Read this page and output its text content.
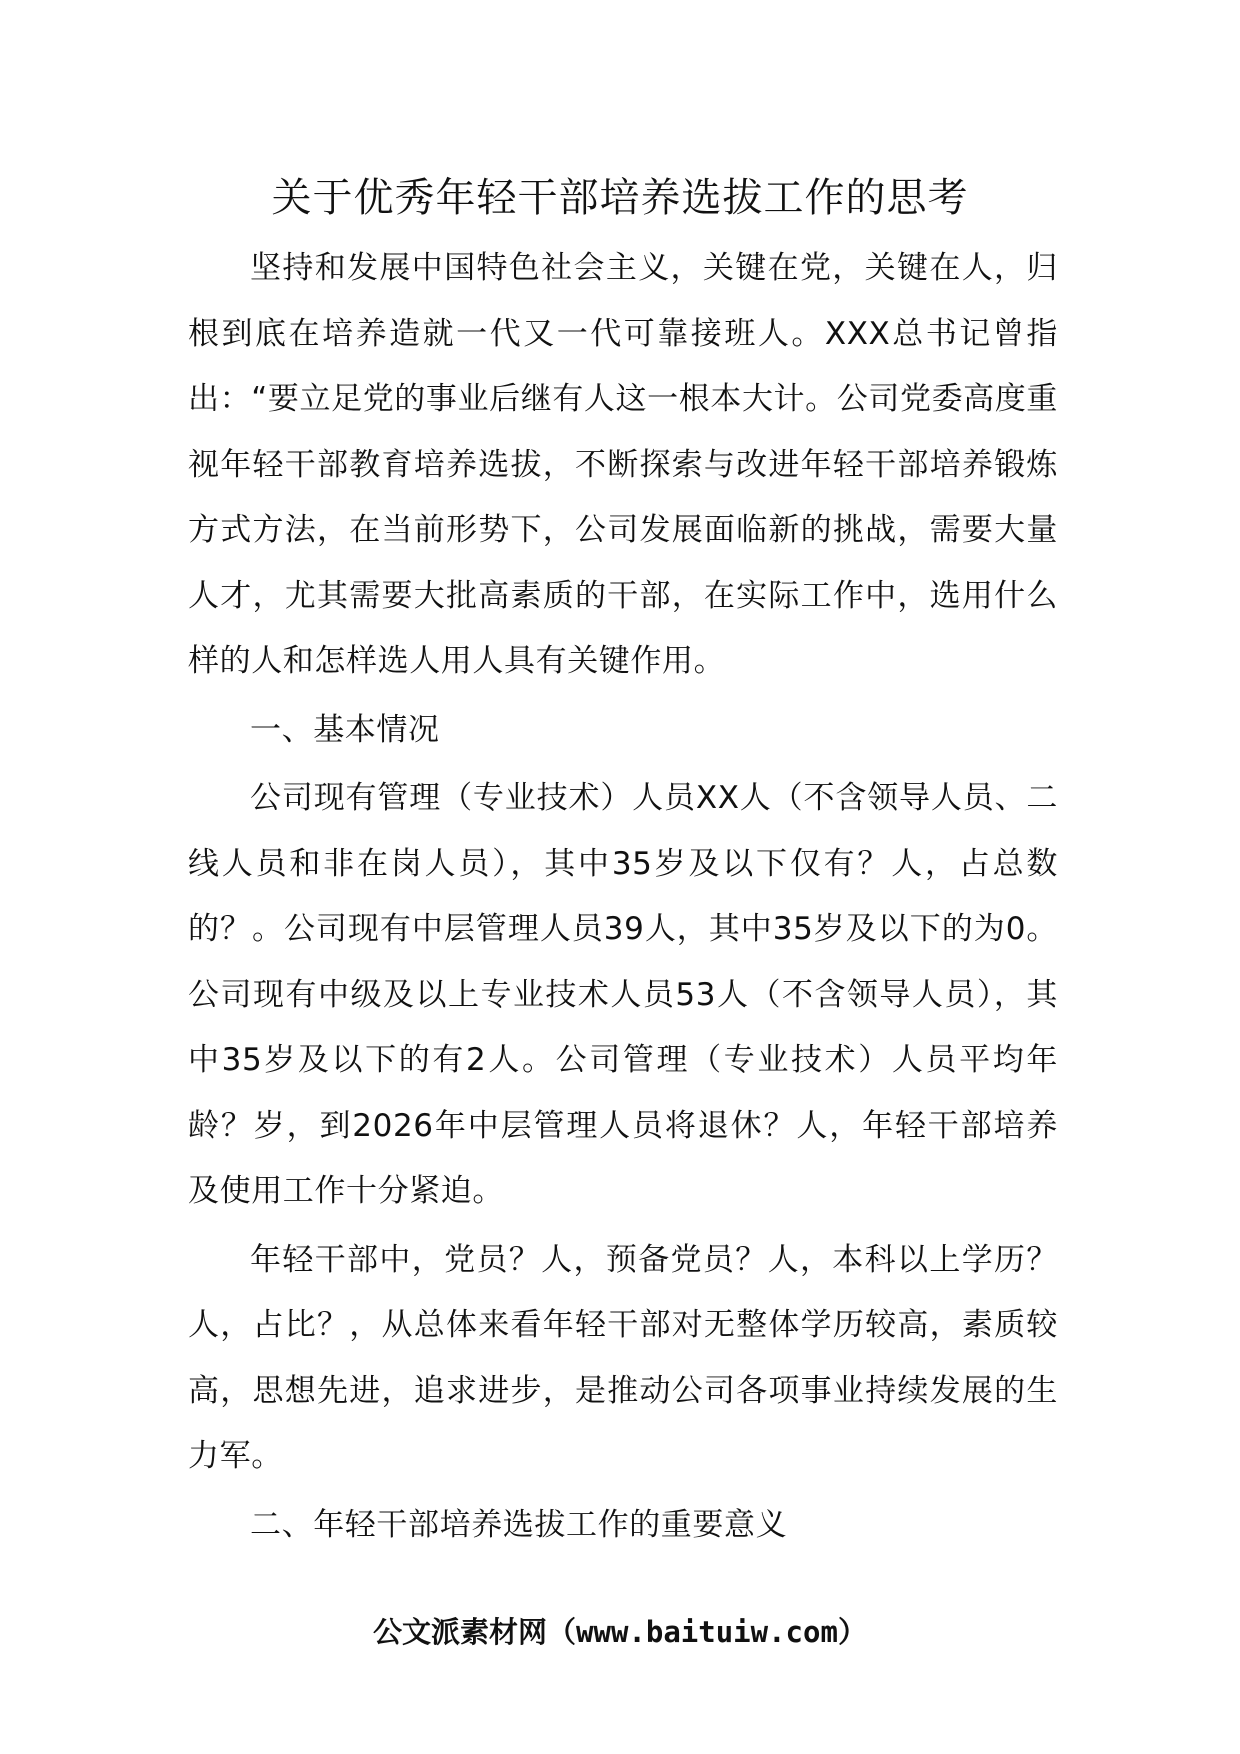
关于优秀年轻干部培养选拔工作的思考

坚持和发展中国特色社会主义，关键在党，关键在人，归根到底在培养造就一代又一代可靠接班人。XXX总书记曾指出：“要立足党的事业后继有人这一根本大计。公司党委高度重视年轻干部教育培养选拔，不断探索与改进年轻干部培养锻炼方式方法，在当前形势下，公司发展面临新的挑战，需要大量人才，尤其需要大批高素质的干部，在实际工作中，选用什么样的人和怎样选人用人具有关键作用。

一、基本情况

公司现有管理（专业技术）人员XX人（不含领导人员、二线人员和非在岗人员），其中35岁及以下仅有？人，占总数的？。公司现有中层管理人员39人，其中35岁及以下的为0。公司现有中级及以上专业技术人员53人（不含领导人员），其中35岁及以下的有2人。公司管理（专业技术）人员平均年龄？岁，到2026年中层管理人员将退休？人，年轻干部培养及使用工作十分紧迫。

年轻干部中，党员？人，预备党员？人，本科以上学历？人，占比？，从总体来看年轻干部对无整体学历较高，素质较高，思想先进，追求进步，是推动公司各项事业持续发展的生力军。

二、年轻干部培养选拔工作的重要意义

公文派素材网（www.baituiw.com）
